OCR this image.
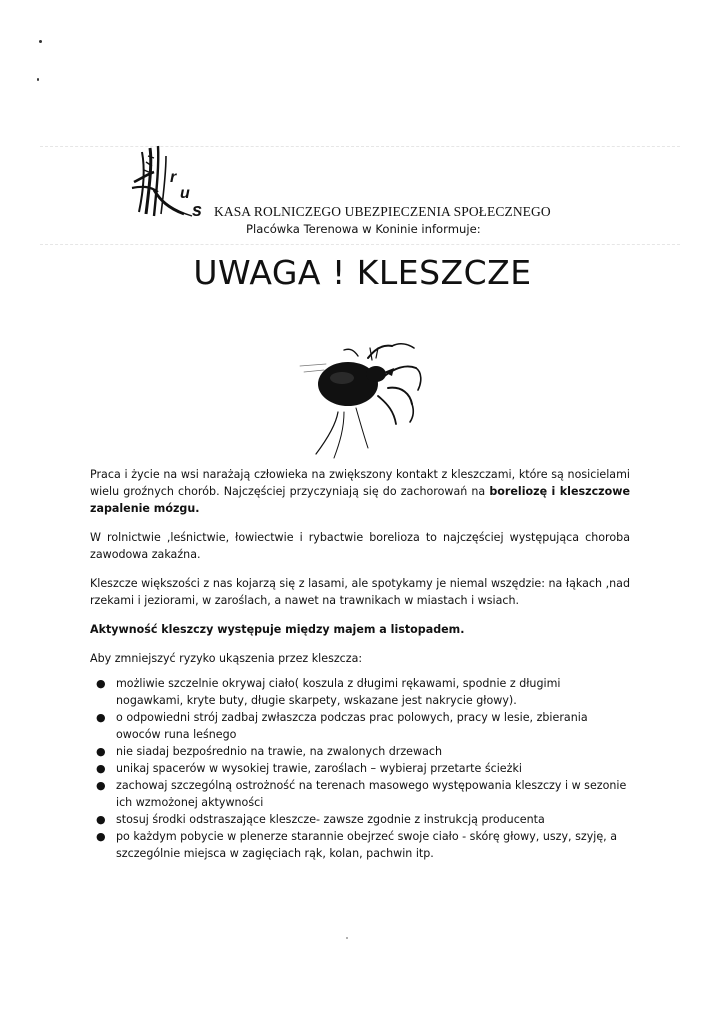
r
u
s KASA ROLNICZEGO UBEZPIECZENIA SPOŁECZNEGO
Placówka Terenowa w Koninie informuje:
UWAGA ! KLESZCZE

Praca i życie na wsi narażają człowieka na zwiększony kontakt z kleszczami, które są nosicielami wielu groźnych chorób. Najczęściej przyczyniają się do zachorowań na boreliozę i kleszczowe zapalenie mózgu.

W rolnictwie ,leśnictwie, łowiectwie i rybactwie borelioza to najczęściej występująca choroba zawodowa zakaźna.

Kleszcze większości z nas kojarzą się z lasami, ale spotykamy je niemal wszędzie: na łąkach ,nad rzekami i jeziorami, w zaroślach, a nawet na trawnikach w miastach i wsiach.

Aktywność kleszczy występuje między majem a listopadem.

Aby zmniejszyć ryzyko ukąszenia przez kleszcza:

● możliwie szczelnie okrywaj ciało( koszula z długimi rękawami, spodnie z długimi nogawkami, kryte buty, długie skarpety, wskazane jest nakrycie głowy).
● o odpowiedni strój zadbaj zwłaszcza podczas prac polowych, pracy w lesie, zbierania owoców runa leśnego
● nie siadaj bezpośrednio na trawie, na zwalonych drzewach
● unikaj spacerów w wysokiej trawie, zaroślach – wybieraj przetarte ścieżki
● zachowaj szczególną ostrożność na terenach masowego występowania kleszczy i w sezonie ich wzmożonej aktywności
● stosuj środki odstraszające kleszcze- zawsze zgodnie z instrukcją producenta
● po każdym pobycie w plenerze starannie obejrzeć swoje ciało - skórę głowy, uszy, szyję, a szczególnie miejsca w zagięciach rąk, kolan, pachwin itp.
